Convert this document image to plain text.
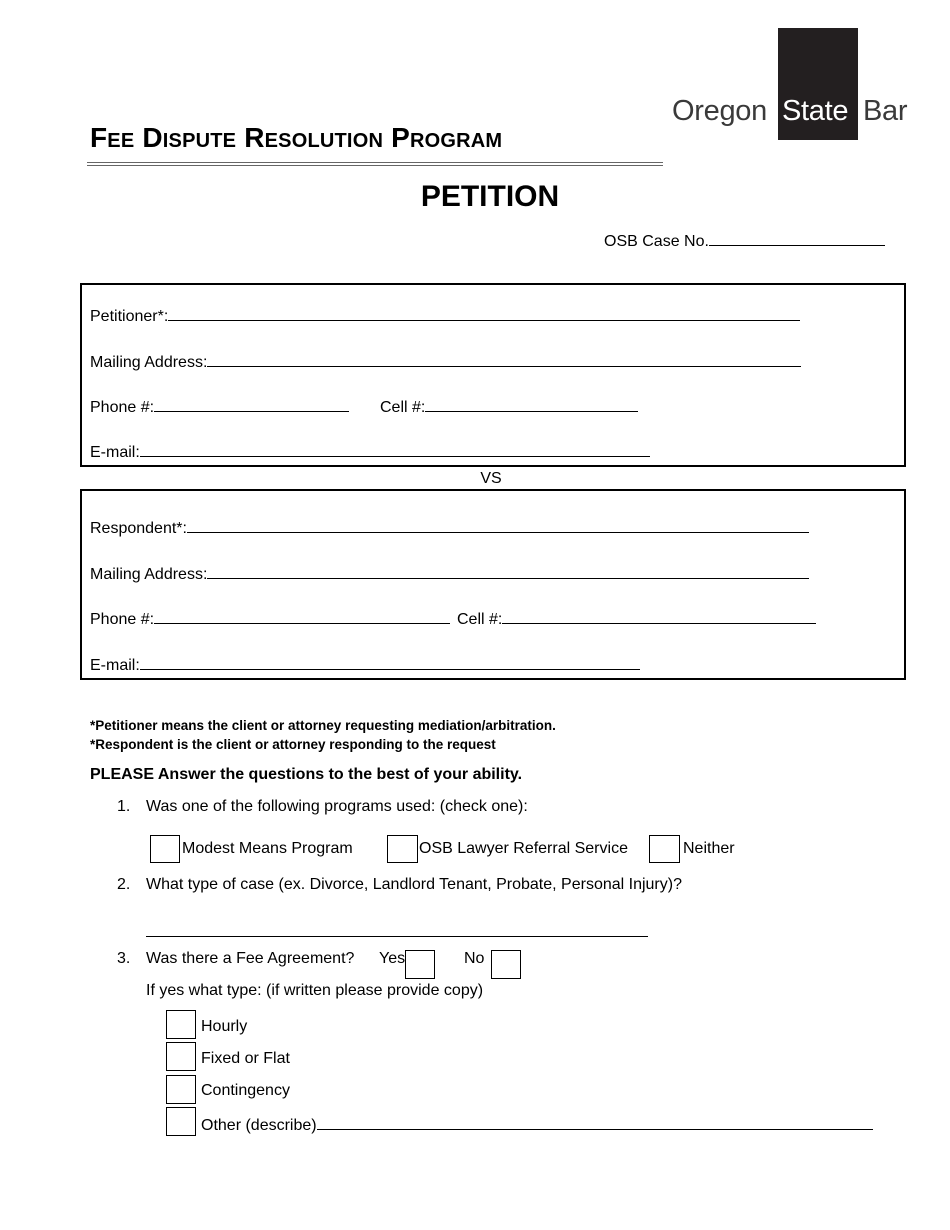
Oregon State Bar
Fee Dispute Resolution Program
PETITION
OSB Case No.
Petitioner*:
Mailing Address:
Phone #:	Cell #:
E-mail:
VS
Respondent*:
Mailing Address:
Phone #:	Cell #:
E-mail:
*Petitioner means the client or attorney requesting mediation/arbitration.
*Respondent is the client or attorney responding to the request
PLEASE Answer the questions to the best of your ability.
1. Was one of the following programs used: (check one):
Modest Means Program	OSB Lawyer Referral Service	Neither
2. What type of case (ex. Divorce, Landlord Tenant, Probate, Personal Injury)?
3. Was there a Fee Agreement? Yes	No
If yes what type: (if written please provide copy)
Hourly
Fixed or Flat
Contingency
Other (describe)
